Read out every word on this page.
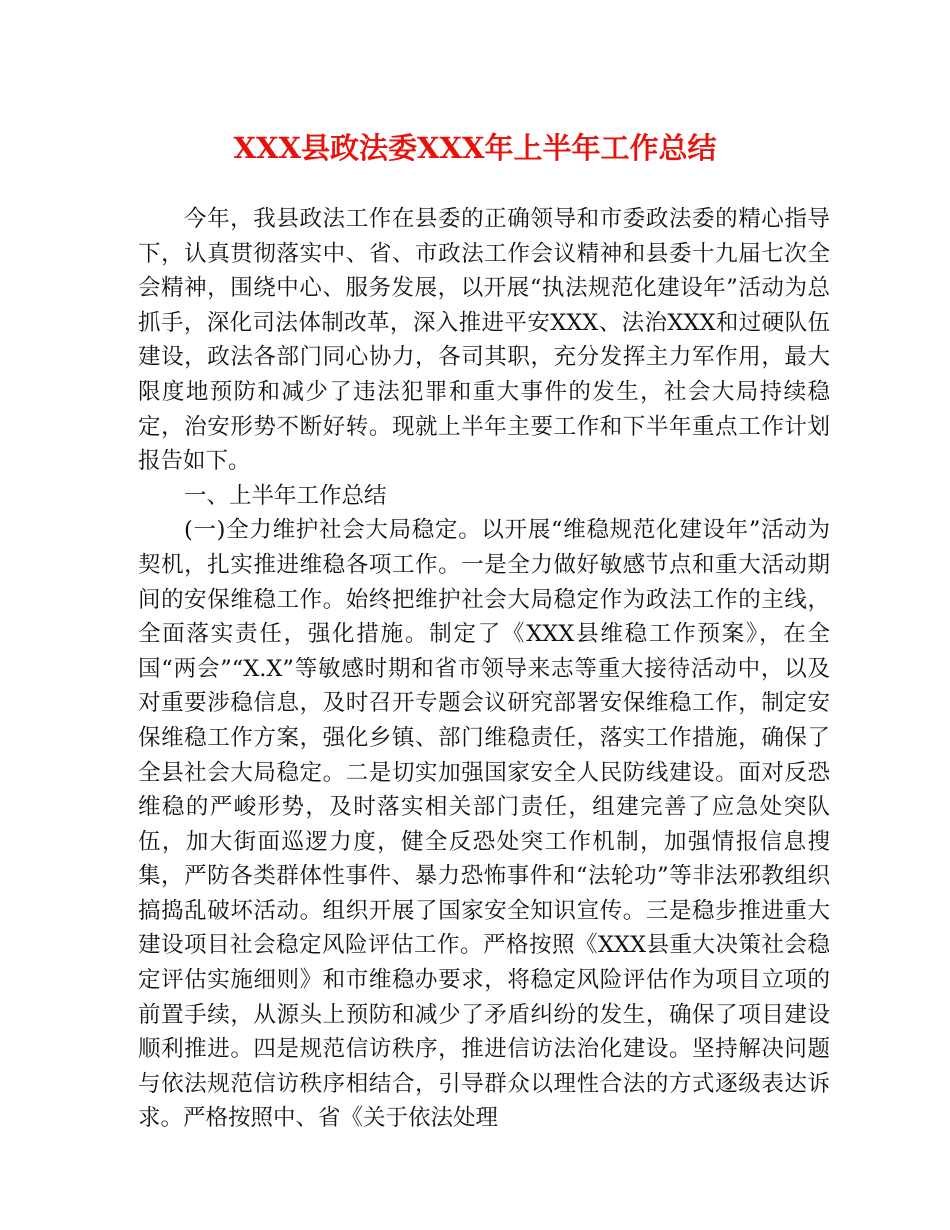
XXX县政法委XXX年上半年工作总结

今年，我县政法工作在县委的正确领导和市委政法委的精心指导下，认真贯彻落实中、省、市政法工作会议精神和县委十九届七次全会精神，围绕中心、服务发展，以开展“执法规范化建设年”活动为总抓手，深化司法体制改革，深入推进平安XXX、法治XXX和过硬队伍建设，政法各部门同心协力，各司其职，充分发挥主力军作用，最大限度地预防和减少了违法犯罪和重大事件的发生，社会大局持续稳定，治安形势不断好转。现就上半年主要工作和下半年重点工作计划报告如下。

一、上半年工作总结

(一)全力维护社会大局稳定。以开展“维稳规范化建设年”活动为契机，扎实推进维稳各项工作。一是全力做好敏感节点和重大活动期间的安保维稳工作。始终把维护社会大局稳定作为政法工作的主线，全面落实责任，强化措施。制定了《XXX县维稳工作预案》，在全国“两会”“X.X”等敏感时期和省市领导来志等重大接待活动中，以及对重要涉稳信息，及时召开专题会议研究部署安保维稳工作，制定安保维稳工作方案，强化乡镇、部门维稳责任，落实工作措施，确保了全县社会大局稳定。二是切实加强国家安全人民防线建设。面对反恐维稳的严峻形势，及时落实相关部门责任，组建完善了应急处突队伍，加大街面巡逻力度，健全反恐处突工作机制，加强情报信息搜集，严防各类群体性事件、暴力恐怖事件和“法轮功”等非法邪教组织搞捣乱破坏活动。组织开展了国家安全知识宣传。三是稳步推进重大建设项目社会稳定风险评估工作。严格按照《XXX县重大决策社会稳定评估实施细则》和市维稳办要求，将稳定风险评估作为项目立项的前置手续，从源头上预防和减少了矛盾纠纷的发生，确保了项目建设顺利推进。四是规范信访秩序，推进信访法治化建设。坚持解决问题与依法规范信访秩序相结合，引导群众以理性合法的方式逐级表达诉求。严格按照中、省《关于依法处理
